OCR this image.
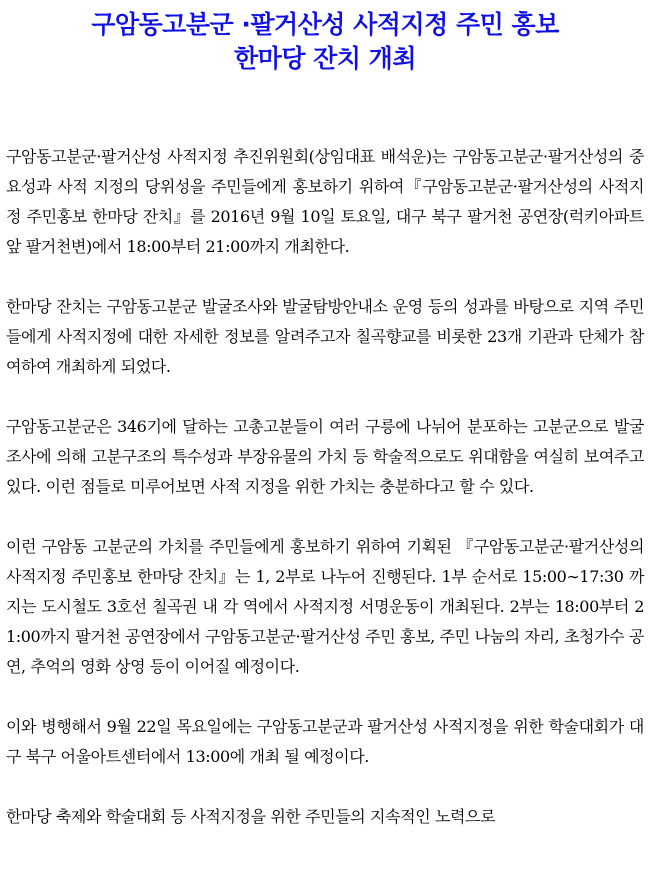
구암동고분군 ·팔거산성 사적지정 주민 홍보
한마당 잔치 개최

구암동고분군·팔거산성 사적지정 추진위원회(상임대표 배석운)는 구암동고분군·팔거산성의 중요성과 사적 지정의 당위성을 주민들에게 홍보하기 위하여『구암동고분군·팔거산성의 사적지정 주민홍보 한마당 잔치』를 2016년 9월 10일 토요일, 대구 북구 팔거천 공연장(럭키아파트 앞 팔거천변)에서 18:00부터 21:00까지 개최한다.

한마당 잔치는 구암동고분군 발굴조사와 발굴탐방안내소 운영 등의 성과를 바탕으로 지역 주민들에게 사적지정에 대한 자세한 정보를 알려주고자 칠곡향교를 비롯한 23개 기관과 단체가 참여하여 개최하게 되었다.

구암동고분군은 346기에 달하는 고총고분들이 여러 구릉에 나뉘어 분포하는 고분군으로 발굴조사에 의해 고분구조의 특수성과 부장유물의 가치 등 학술적으로도 위대함을 여실히 보여주고 있다. 이런 점들로 미루어보면 사적 지정을 위한 가치는 충분하다고 할 수 있다.

이런 구암동 고분군의 가치를 주민들에게 홍보하기 위하여 기획된 『구암동고분군·팔거산성의 사적지정 주민홍보 한마당 잔치』는 1, 2부로 나누어 진행된다. 1부 순서로 15:00∼17:30 까지는 도시철도 3호선 칠곡권 내 각 역에서 사적지정 서명운동이 개최된다. 2부는 18:00부터 21:00까지 팔거천 공연장에서 구암동고분군·팔거산성 주민 홍보, 주민 나눔의 자리, 초청가수 공연, 추억의 영화 상영 등이 이어질 예정이다.

이와 병행해서 9월 22일 목요일에는 구암동고분군과 팔거산성 사적지정을 위한 학술대회가 대구 북구 어울아트센터에서 13:00에 개최 될 예정이다.

한마당 축제와 학술대회 등 사적지정을 위한 주민들의 지속적인 노력으로
